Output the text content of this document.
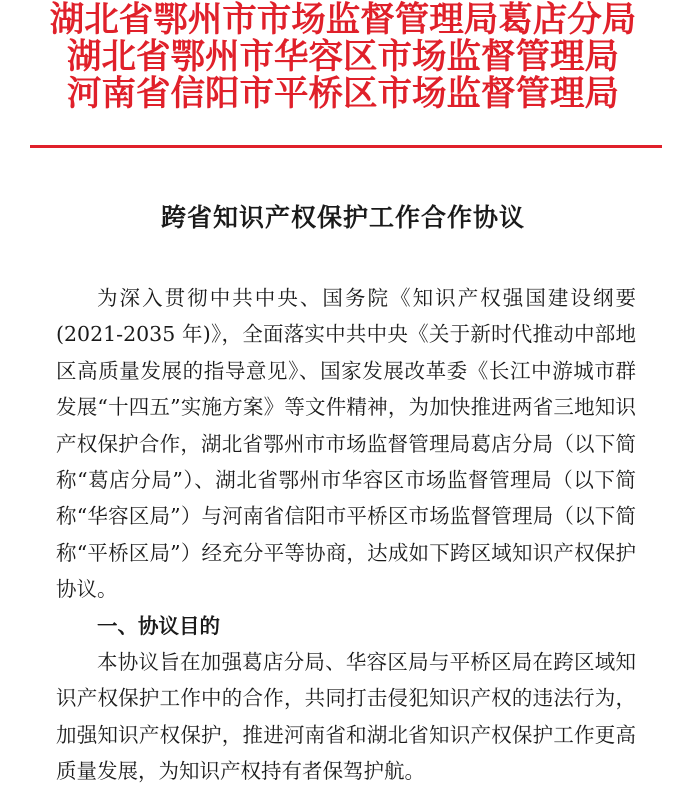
湖北省鄂州市市场监督管理局葛店分局
湖北省鄂州市华容区市场监督管理局
河南省信阳市平桥区市场监督管理局
跨省知识产权保护工作合作协议
为深入贯彻中共中央、国务院《知识产权强国建设纲要
(2021-2035 年)》，全面落实中共中央《关于新时代推动中部地
区高质量发展的指导意见》、国家发展改革委《长江中游城市群
发展“十四五”实施方案》等文件精神，为加快推进两省三地知识
产权保护合作，湖北省鄂州市市场监督管理局葛店分局（以下简
称“葛店分局”）、湖北省鄂州市华容区市场监督管理局（以下简
称“华容区局”）与河南省信阳市平桥区市场监督管理局（以下简
称“平桥区局”）经充分平等协商，达成如下跨区域知识产权保护
协议。
一、协议目的
本协议旨在加强葛店分局、华容区局与平桥区局在跨区域知
识产权保护工作中的合作，共同打击侵犯知识产权的违法行为，
加强知识产权保护，推进河南省和湖北省知识产权保护工作更高
质量发展，为知识产权持有者保驾护航。
